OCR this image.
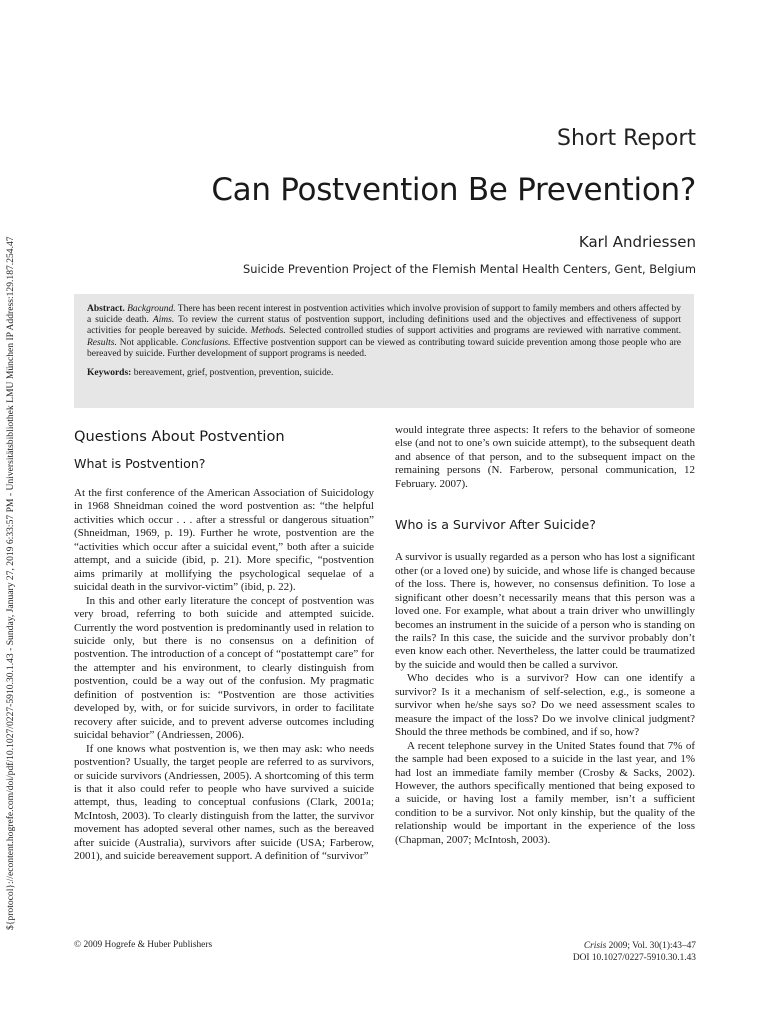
${protocol}://econtent.hogrefe.com/doi/pdf/10.1027/0227-5910.30.1.43 - Sunday, January 27, 2019 6:33:57 PM - Universitätsbibliothek LMU München IP Address:129.187.254.47
Short Report
Can Postvention Be Prevention?

Karl Andriessen

Suicide Prevention Project of the Flemish Mental Health Centers, Gent, Belgium

Abstract. Background. There has been recent interest in postvention activities which involve provision of support to family members and others affected by a suicide death. Aims. To review the current status of postvention support, including definitions used and the objectives and effectiveness of support activities for people bereaved by suicide. Methods. Selected controlled studies of support activities and programs are reviewed with narrative comment. Results. Not applicable. Conclusions. Effective postvention support can be viewed as contributing toward suicide prevention among those people who are bereaved by suicide. Further development of support programs is needed.

Keywords: bereavement, grief, postvention, prevention, suicide.

Questions About Postvention
What is Postvention?

At the first conference of the American Association of Suicidology in 1968 Shneidman coined the word postvention as: “the helpful activities which occur . . . after a stressful or dangerous situation” (Shneidman, 1969, p. 19). Further he wrote, postvention are the “activities which occur after a suicidal event,” both after a suicide attempt, and a suicide (ibid, p. 21). More specific, “postvention aims primarily at mollifying the psychological sequelae of a suicidal death in the survivor-victim” (ibid, p. 22).

In this and other early literature the concept of postvention was very broad, referring to both suicide and attempted suicide. Currently the word postvention is predominantly used in relation to suicide only, but there is no consensus on a definition of postvention. The introduction of a concept of “postattempt care” for the attempter and his environment, to clearly distinguish from postvention, could be a way out of the confusion. My pragmatic definition of postvention is: “Postvention are those activities developed by, with, or for suicide survivors, in order to facilitate recovery after suicide, and to prevent adverse outcomes including suicidal behavior” (Andriessen, 2006).

If one knows what postvention is, we then may ask: who needs postvention? Usually, the target people are referred to as survivors, or suicide survivors (Andriessen, 2005). A shortcoming of this term is that it also could refer to people who have survived a suicide attempt, thus, leading to conceptual confusions (Clark, 2001a; McIntosh, 2003). To clearly distinguish from the latter, the survivor movement has adopted several other names, such as the bereaved after suicide (Australia), survivors after suicide (USA; Farberow, 2001), and suicide bereavement support. A definition of “survivor”

would integrate three aspects: It refers to the behavior of someone else (and not to one’s own suicide attempt), to the subsequent death and absence of that person, and to the subsequent impact on the remaining persons (N. Farberow, personal communication, 12 February. 2007).

Who is a Survivor After Suicide?

A survivor is usually regarded as a person who has lost a significant other (or a loved one) by suicide, and whose life is changed because of the loss. There is, however, no consensus definition. To lose a significant other doesn’t necessarily means that this person was a loved one. For example, what about a train driver who unwillingly becomes an instrument in the suicide of a person who is standing on the rails? In this case, the suicide and the survivor probably don’t even know each other. Nevertheless, the latter could be traumatized by the suicide and would then be called a survivor.

Who decides who is a survivor? How can one identify a survivor? Is it a mechanism of self-selection, e.g., is someone a survivor when he/she says so? Do we need assessment scales to measure the impact of the loss? Do we involve clinical judgment? Should the three methods be combined, and if so, how?

A recent telephone survey in the United States found that 7% of the sample had been exposed to a suicide in the last year, and 1% had lost an immediate family member (Crosby & Sacks, 2002). However, the authors specifically mentioned that being exposed to a suicide, or having lost a family member, isn’t a sufficient condition to be a survivor. Not only kinship, but the quality of the relationship would be important in the experience of the loss (Chapman, 2007; McIntosh, 2003).

© 2009 Hogrefe & Huber Publishers	Crisis 2009; Vol. 30(1):43–47
DOI 10.1027/0227-5910.30.1.43
